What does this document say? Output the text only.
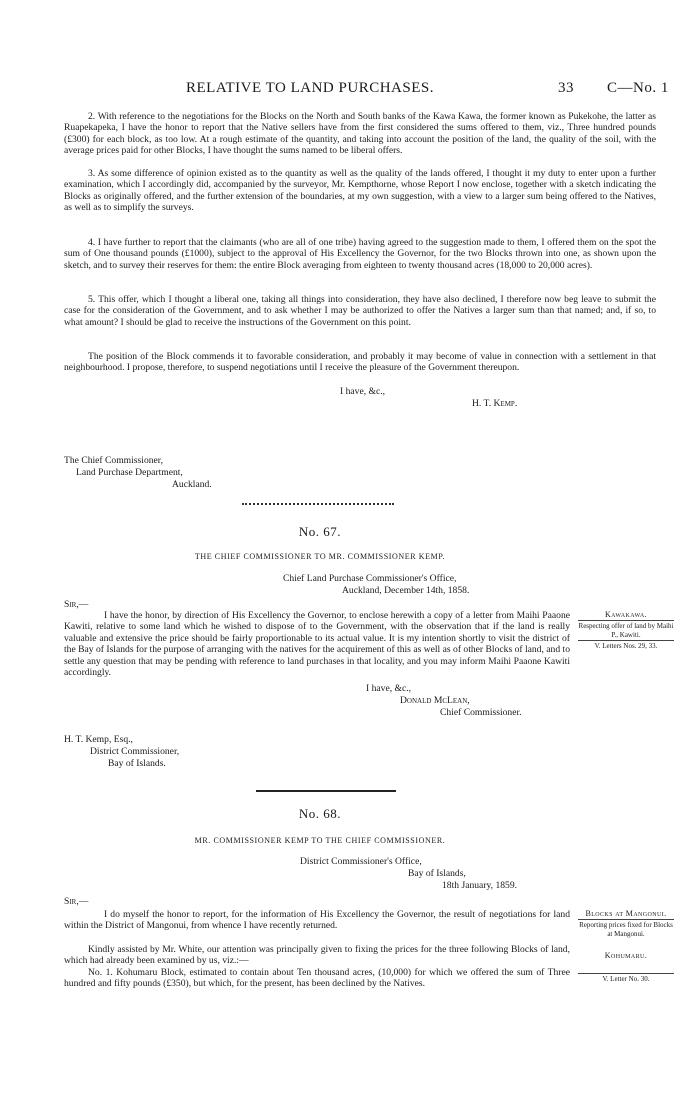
RELATIVE TO LAND PURCHASES.	33 C—No. 1

2. With reference to the negotiations for the Blocks on the North and South banks of the Kawa Kawa, the former known as Pukekohe, the latter as Ruapekapeka, I have the honor to report that the Native sellers have from the first considered the sums offered to them, viz., Three hundred pounds (£300) for each block, as too low. At a rough estimate of the quantity, and taking into account the position of the land, the quality of the soil, with the average prices paid for other Blocks, I have thought the sums named to be liberal offers.

3. As some difference of opinion existed as to the quantity as well as the quality of the lands offered, I thought it my duty to enter upon a further examination, which I accordingly did, accompanied by the surveyor, Mr. Kempthorne, whose Report I now enclose, together with a sketch indicating the Blocks as originally offered, and the further extension of the boundaries, at my own suggestion, with a view to a larger sum being offered to the Natives, as well as to simplify the surveys.

4. I have further to report that the claimants (who are all of one tribe) having agreed to the suggestion made to them, I offered them on the spot the sum of One thousand pounds (£1000), subject to the approval of His Excellency the Governor, for the two Blocks thrown into one, as shown upon the sketch, and to survey their reserves for them: the entire Block averaging from eighteen to twenty thousand acres (18,000 to 20,000 acres).

5. This offer, which I thought a liberal one, taking all things into consideration, they have also declined, I therefore now beg leave to submit the case for the consideration of the Government, and to ask whether I may be authorized to offer the Natives a larger sum than that named; and, if so, to what amount? I should be glad to receive the instructions of the Government on this point.

The position of the Block commends it to favorable consideration, and probably it may become of value in connection with a settlement in that neighbourhood. I propose, therefore, to suspend negotiations until I receive the pleasure of the Government thereupon.

I have, &c.,
H. T. Kemp.
The Chief Commissioner,
Land Purchase Department,
Auckland.
No. 67.
THE CHIEF COMMISSIONER TO MR. COMMISSIONER KEMP.
Chief Land Purchase Commissioner's Office,
Auckland, December 14th, 1858.
Sir,—

I have the honor, by direction of His Excellency the Governor, to enclose herewith a copy of a letter from Maihi Paaone Kawiti, relative to some land which he wished to dispose of to the Government, with the observation that if the land is really valuable and extensive the price should be fairly proportionable to its actual value. It is my intention shortly to visit the district of the Bay of Islands for the purpose of arranging with the natives for the acquirement of this as well as of other Blocks of land, and to settle any question that may be pending with reference to land purchases in that locality, and you may inform Maihi Paaone Kawiti accordingly.

I have, &c.,
Donald McLean,
Chief Commissioner.
H. T. Kemp, Esq.,
District Commissioner,
Bay of Islands.
Kawakawa.
Respecting offer of land by Maihi P., Kawiti.
V. Letters Nos. 29, 33.
No. 68.
MR. COMMISSIONER KEMP TO THE CHIEF COMMISSIONER.
District Commissioner's Office,
Bay of Islands,
18th January, 1859.
Sir,—

I do myself the honor to report, for the information of His Excellency the Governor, the result of negotiations for land within the District of Mangonui, from whence I have recently returned.

Kindly assisted by Mr. White, our attention was principally given to fixing the prices for the three following Blocks of land, which had already been examined by us, viz.:—

No. 1. Kohumaru Block, estimated to contain about Ten thousand acres, (10,000) for which we offered the sum of Three hundred and fifty pounds (£350), but which, for the present, has been declined by the Natives.

Blocks at Mangonui.
Reporting prices fixed for Blocks at Mangonui.
Kohumaru.
V. Letter No. 30.
